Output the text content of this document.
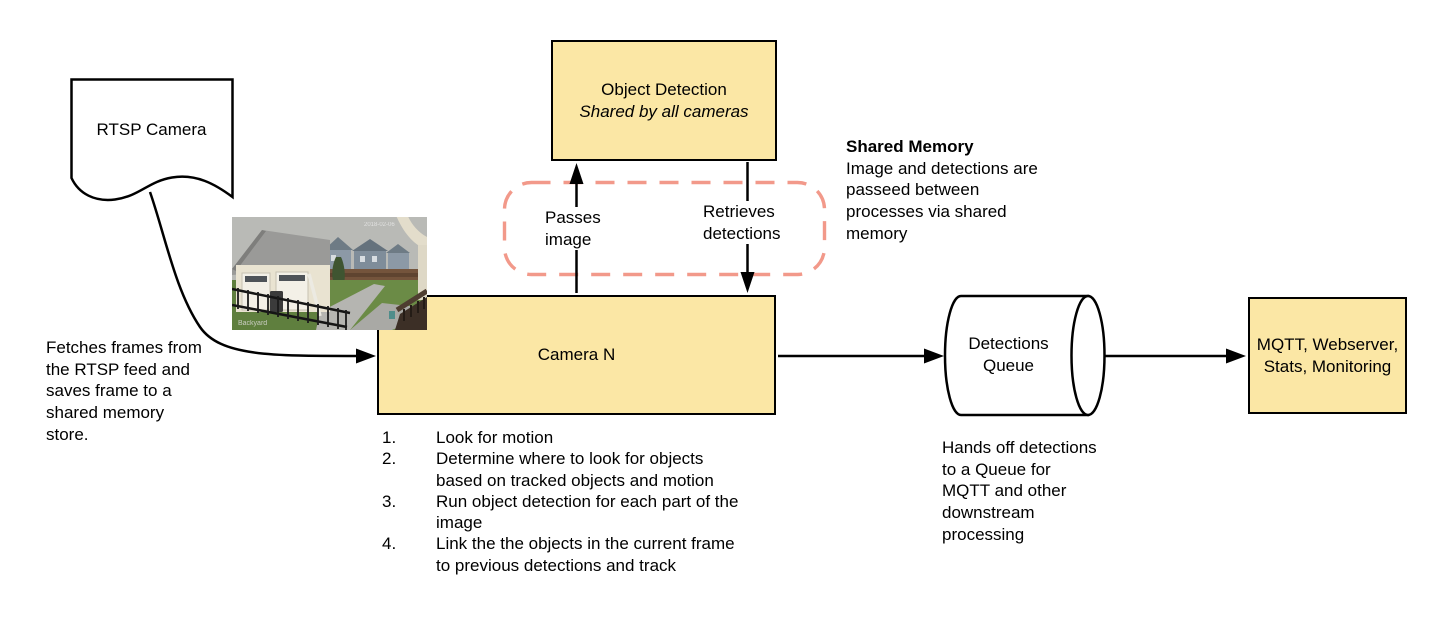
Object Detection
Shared by all cameras
Camera N
MQTT, Webserver,
Stats, Monitoring
RTSP Camera
Detections
Queue
Passes
image
Retrieves
detections
Fetches frames from
the RTSP feed and
saves frame to a
shared memory
store.
Shared Memory
Image and detections are
passeed between
processes via shared
memory
Hands off detections
to a Queue for
MQTT and other
downstream
processing
1.	Look for motion
2.	Determine where to look for objects
based on tracked objects and motion
3.	Run object detection for each part of the
image
4.	Link the the objects in the current frame
to previous detections and track
2018-02-06
Backyard
